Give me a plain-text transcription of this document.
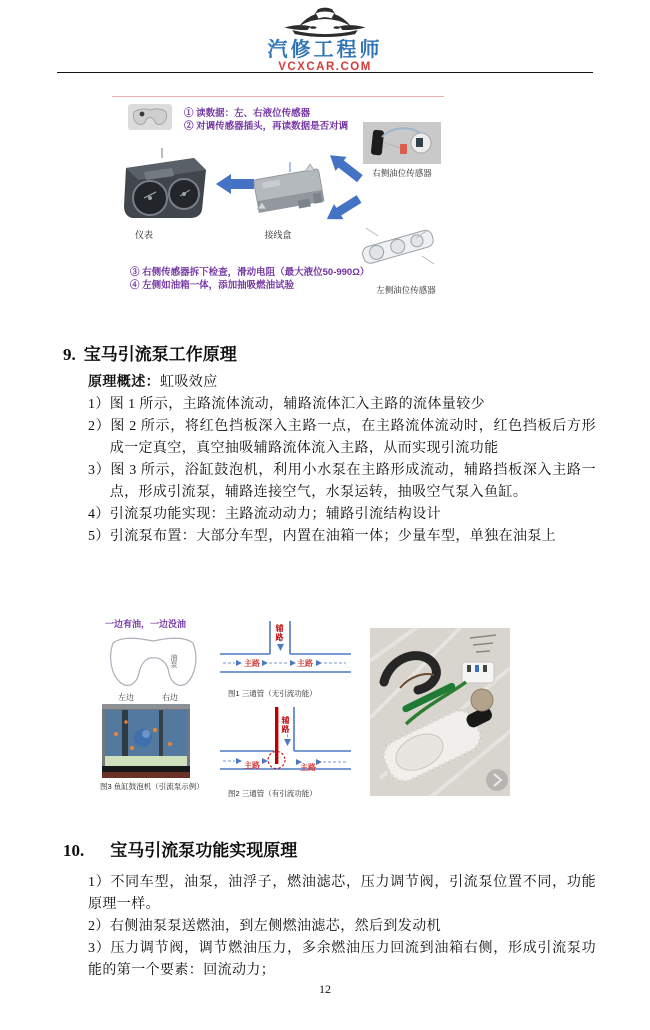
汽修工程师
VCXCAR.COM
① 读数据：左、右液位传感器
② 对调传感器插头，再读数据是否对调
仪表	接线盒
右侧油位传感器
左侧油位传感器
③ 右侧传感器拆下检查，滑动电阻（最大液位50-990Ω）
④ 左侧如油箱一体，添加抽吸燃油试验
9. 宝马引流泵工作原理

原理概述：虹吸效应

1）图 1 所示，主路流体流动，辅路流体汇入主路的流体量较少

2）图 2 所示，将红色挡板深入主路一点，在主路流体流动时，红色挡板后方形成一定真空，真空抽吸辅路流体流入主路，从而实现引流功能

3）图 3 所示，浴缸鼓泡机，利用小水泵在主路形成流动，辅路挡板深入主路一点，形成引流泵，辅路连接空气，水泵运转，抽吸空气泵入鱼缸。

4）引流泵功能实现：主路流动动力；辅路引流结构设计

5）引流泵布置：大部分车型，内置在油箱一体；少量车型，单独在油泵上

一边有油，一边没油
油泵
左边	右边
图3 鱼缸鼓泡机（引流泵示例）
辅路
主路	主路
图1 三通管（无引流功能）
辅路
主路	主路
图2 三通管（有引流功能）
10. 宝马引流泵功能实现原理

1）不同车型，油泵，油浮子，燃油滤芯，压力调节阀，引流泵位置不同，功能原理一样。

2）右侧油泵泵送燃油，到左侧燃油滤芯，然后到发动机

3）压力调节阀，调节燃油压力，多余燃油压力回流到油箱右侧，形成引流泵功能的第一个要素：回流动力；

12
